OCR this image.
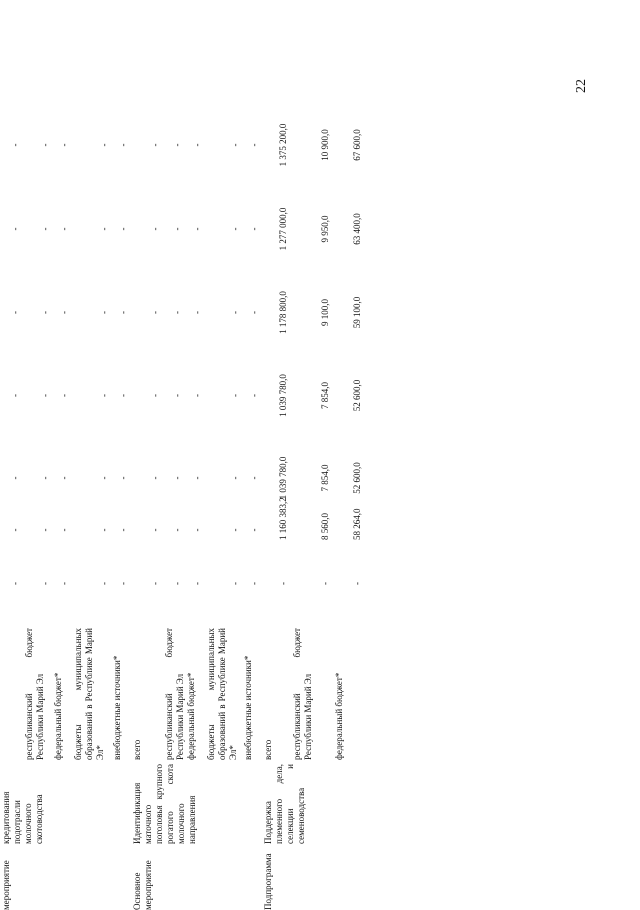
22
мероприятие
кредитования подотрасли молочного скотоводства
-
-
-
-
-
-
-
республиканский бюджет Республики Марий Эл
-
-
-
-
-
-
-
федеральный бюджет*
-
-
-
-
-
-
-
бюджеты муниципальных образований в Республике Марий Эл*
-
-
-
-
-
-
-
внебюджетные источники*
-
-
-
-
-
-
-
Основное мероприятие
Идентификация маточного поголовья крупного рогатого скота молочного направления
всего
-
-
-
-
-
-
-
республиканский бюджет Республики Марий Эл
-
-
-
-
-
-
-
федеральный бюджет*
-
-
-
-
-
-
-
бюджеты муниципальных образований в Республике Марий Эл*
-
-
-
-
-
-
-
внебюджетные источники*
-
-
-
-
-
-
-
Подпрограмма
Поддержка племенного дела, селекции и семеноводства
всего
-
1 160 383,2
1 039 780,0
1 039 780,0
1 178 800,0
1 277 000,0
1 375 200,0
республиканский бюджет Республики Марий Эл
-
8 560,0
7 854,0
7 854,0
9 100,0
9 950,0
10 900,0
федеральный бюджет*
-
58 264,0
52 600,0
52 600,0
59 100,0
63 400,0
67 600,0
